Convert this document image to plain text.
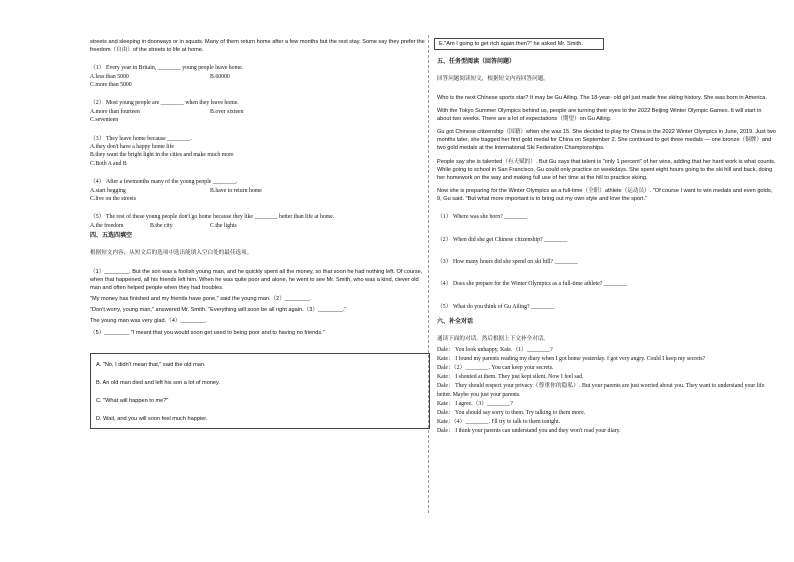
streets and sleeping in doorways or in squats. Many of them return home after a few months but the rest stay. Some say they prefer the freedom（自由）of the streets to life at home.

（1） Every year in Britain, ________ young people leave home.

A.less than 5000	B.60000

C.more than 5000

（2） Most young people are ________ when they leave home.

A.more than fourteen	B.over sixteen

C.seventeen

（3） They leave home because ________.

A.they don't have a happy home life

B.they want the bright light in the cities and make much more

C.Both A and B

（4） After a fewmonths many of the young people ________.

A.start begging	B.have to return home

C.live on the streets

（5） The rest of these young people don't go home because they like ________ better than life at home.

A.the freedom	B.the city	C.the lights

四、五选四填空

根据短文内容，从短文后的选项中选出能填入空白处的最佳选项。

（1）________. But the son was a foolish young man, and he quickly spent all the money, so that soon he had nothing left. Of course, when that happened, all his friends left him. When he was quite poor and alone, he went to see Mr. Smith, who was a kind, clever old man and often helped people when they had troubles.

"My money has finished and my friends have gone," said the young man.（2）________.

"Don't worry, young man," answered Mr. Smith. "Everything will soon be all right again.（3）________."

The young man was very glad.（4）________.

（5）________ "I meant that you would soon get used to being poor and to having no friends."

A. "No, I didn't mean that," said the old man.

B. An old man died and left his son a lot of money.

C. "What will happen to me?"

D. Wait, and you will soon feel much happier.

E."Am I going to get rich again then?" he asked Mr. Smith.

五、任务型阅读（回答问题）

回答问题阅读短文，根据短文内容回答问题。

Who is the next Chinese sports star? It may be Gu Ailing. The 18-year- old girl just made free skiing history. She was born in America.

With the Tokyo Summer Olympics behind us, people are turning their eyes to the 2022 Beijing Winter Olympic Games. It will start in about two weeks. There are a lot of expectations（期望）on Gu Ailing.

Gu got Chinese citizenship（国籍）when she was 15. She decided to play for China in the 2022 Winter Olympics in June, 2019. Just two months later, she bagged her first gold medal for China on September 2. She continued to get three medals — one bronze（铜牌）and two gold medals at the International Ski Federation Championships.

People say she is talented（有天赋的）. But Gu says that talent is "only 1 percent" of her wins, adding that her hard work is what counts. While going to school in San Francisco, Gu could only practice on weekdays. She spent eight hours going to the ski hill and back, doing her homework on the way and making full use of her time at the hill to practice skiing.

Now she is preparing for the Winter Olympics as a full-time（全职）athlete（运动员）. "Of course I want to win medals and even golds, 9, Gu said. "But what more important is to bring out my own style and love the sport."

（1） Where was she born? ________

（2） When did she get Chinese citizenship? ________

（3） How many hours did she spend on ski hill? ________

（4） Does she prepare for the Winter Olympics as a full-time athlete? ________

（5） What do you think of Gu Ailing? ________

六、补全对话

通读下面的对话，然后根据上下文补全对话。

Dale： You look unhappy, Kate.（1）________?

Kate： I found my parents reading my diary when I got home yesterday. I got very angry. Could I keep my secrets?

Dale：（2）________. You can keep your secrets.

Kate： I shouted at them. They just kept silent. Now I feel sad.

Dale： They should respect your privacy（尊重你的隐私）. But your parents are just worried about you. They want to understand your life better. Maybe you just your parents.

Kate： I agree.（3）________?

Dale： You should say sorry to them. Try talking to them more.

Kate：（4）________. I'll try to talk to them tonight.

Dale： I think your parents can understand you and they won't read your diary.
